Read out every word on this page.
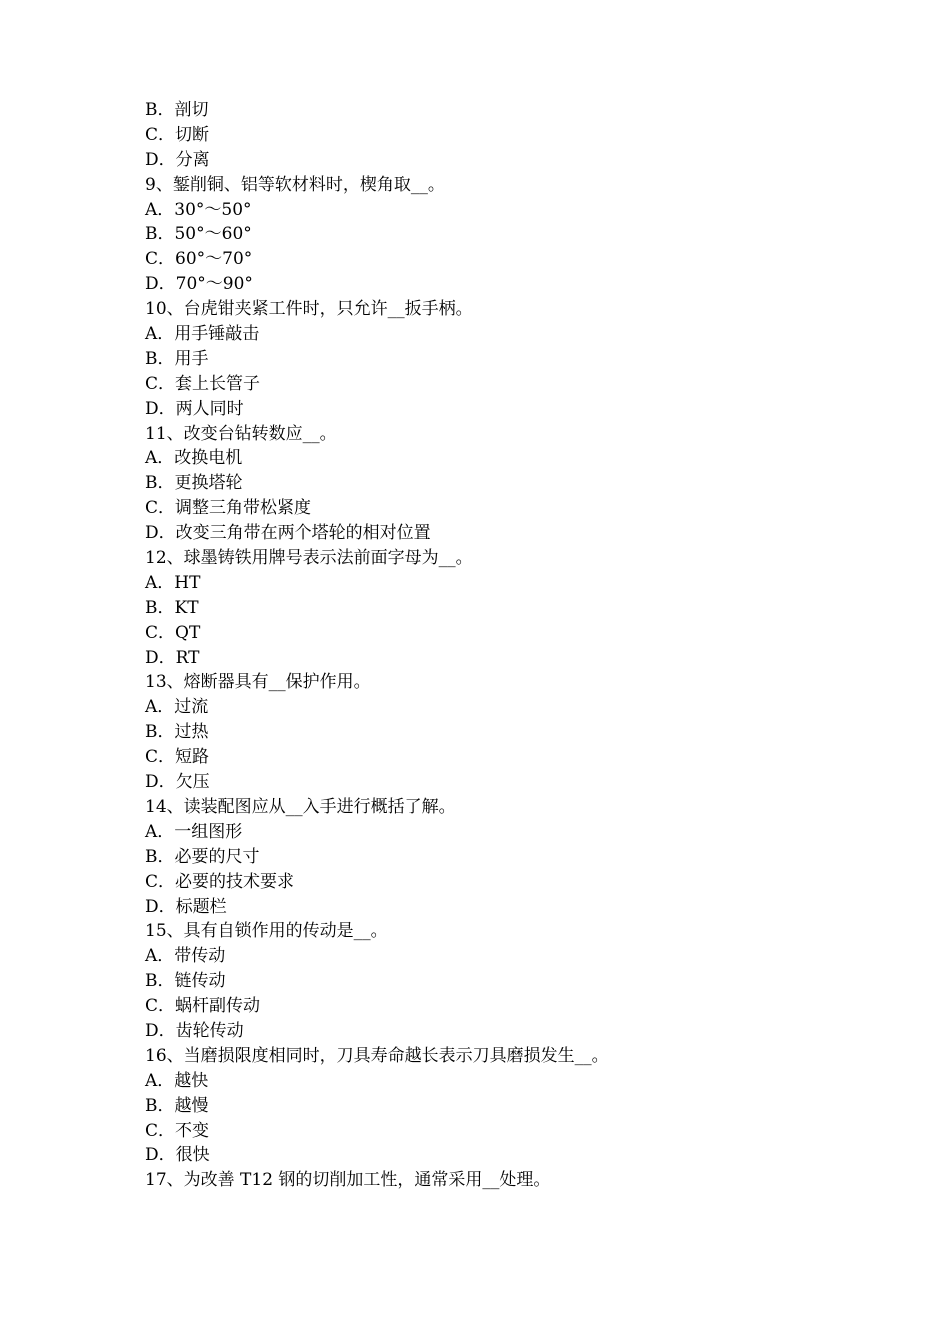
B．剖切
C．切断
D．分离
9、錾削铜、铝等软材料时，楔角取__。
A．30°～50°
B．50°～60°
C．60°～70°
D．70°～90°
10、台虎钳夹紧工件时，只允许__扳手柄。
A．用手锤敲击
B．用手
C．套上长管子
D．两人同时
11、改变台钻转数应__。
A．改换电机
B．更换塔轮
C．调整三角带松紧度
D．改变三角带在两个塔轮的相对位置
12、球墨铸铁用牌号表示法前面字母为__。
A．HT
B．KT
C．QT
D．RT
13、熔断器具有__保护作用。
A．过流
B．过热
C．短路
D．欠压
14、读装配图应从__入手进行概括了解。
A．一组图形
B．必要的尺寸
C．必要的技术要求
D．标题栏
15、具有自锁作用的传动是__。
A．带传动
B．链传动
C．蜗杆副传动
D．齿轮传动
16、当磨损限度相同时，刀具寿命越长表示刀具磨损发生__。
A．越快
B．越慢
C．不变
D．很快
17、为改善 T12 钢的切削加工性，通常采用__处理。
